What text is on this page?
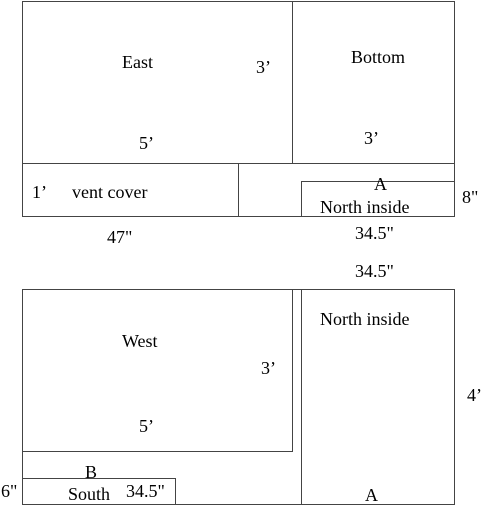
East	3’
5’
Bottom
3’
1’ vent cover	A
North inside	8"
47"	34.5"
34.5"
North inside
West
3’
5’
4’
B
6"	South 34.5"	A
